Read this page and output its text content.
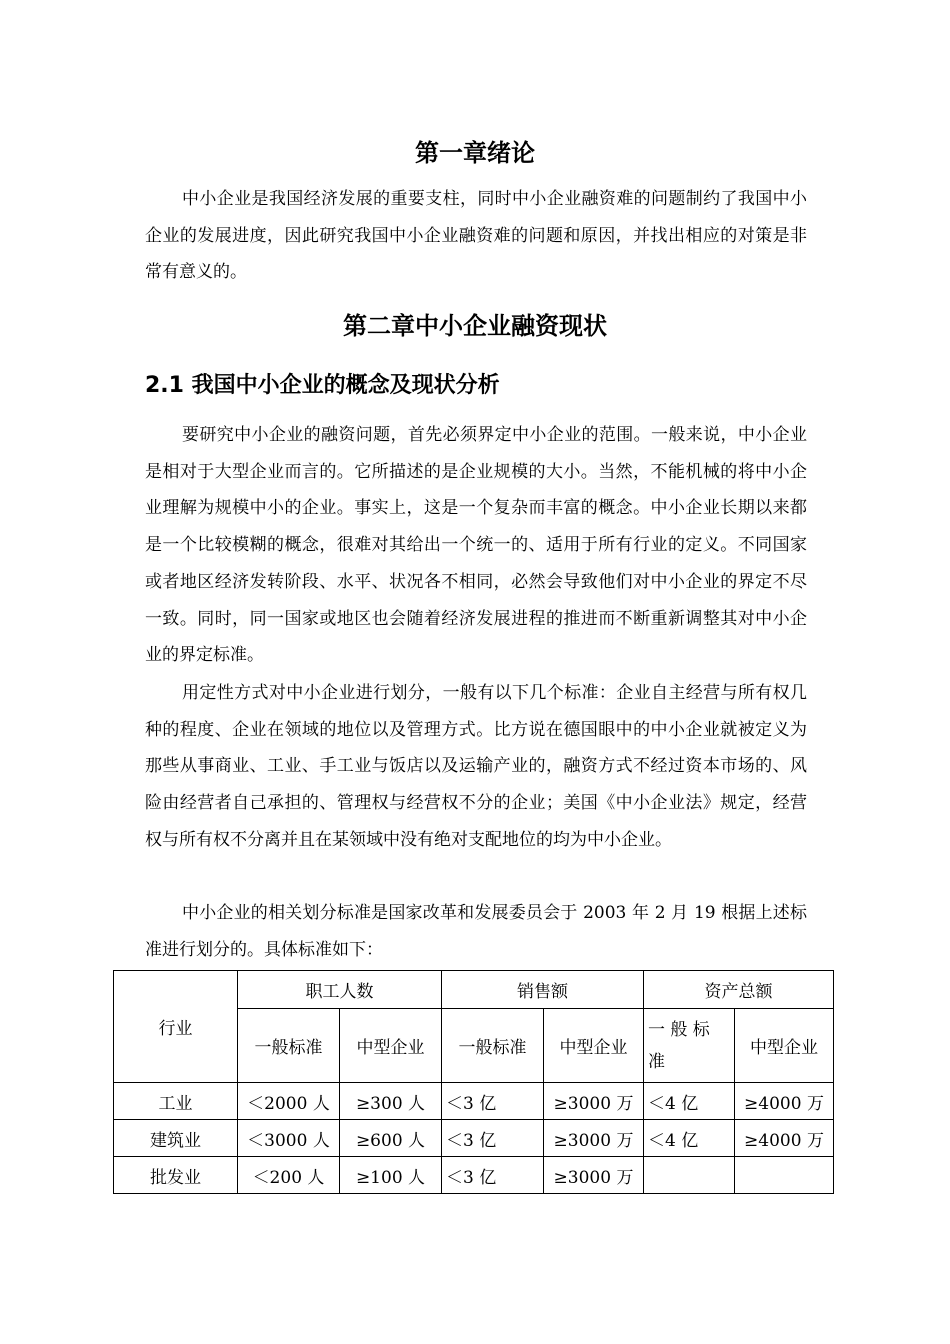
第一章绪论

中小企业是我国经济发展的重要支柱，同时中小企业融资难的问题制约了我国中小企业的发展进度，因此研究我国中小企业融资难的问题和原因，并找出相应的对策是非常有意义的。

第二章中小企业融资现状
2.1 我国中小企业的概念及现状分析

要研究中小企业的融资问题，首先必须界定中小企业的范围。一般来说，中小企业是相对于大型企业而言的。它所描述的是企业规模的大小。当然，不能机械的将中小企业理解为规模中小的企业。事实上，这是一个复杂而丰富的概念。中小企业长期以来都是一个比较模糊的概念，很难对其给出一个统一的、适用于所有行业的定义。不同国家或者地区经济发转阶段、水平、状况各不相同，必然会导致他们对中小企业的界定不尽一致。同时，同一国家或地区也会随着经济发展进程的推进而不断重新调整其对中小企业的界定标准。

用定性方式对中小企业进行划分，一般有以下几个标准：企业自主经营与所有权几种的程度、企业在领域的地位以及管理方式。比方说在德国眼中的中小企业就被定义为那些从事商业、工业、手工业与饭店以及运输产业的，融资方式不经过资本市场的、风险由经营者自己承担的、管理权与经营权不分的企业；美国《中小企业法》规定，经营权与所有权不分离并且在某领域中没有绝对支配地位的均为中小企业。

中小企业的相关划分标准是国家改革和发展委员会于 2003 年 2 月 19 根据上述标准进行划分的。具体标准如下：

行业	职工人数		销售额		资产总额	
	一般标准	中型企业	一般标准	中型企业	一 般 标 准	中型企业
工业	＜2000 人	≥300 人	＜3 亿	≥3000 万	＜4 亿	≥4000 万
建筑业	＜3000 人	≥600 人	＜3 亿	≥3000 万	＜4 亿	≥4000 万
批发业	＜200 人	≥100 人	＜3 亿	≥3000 万		
